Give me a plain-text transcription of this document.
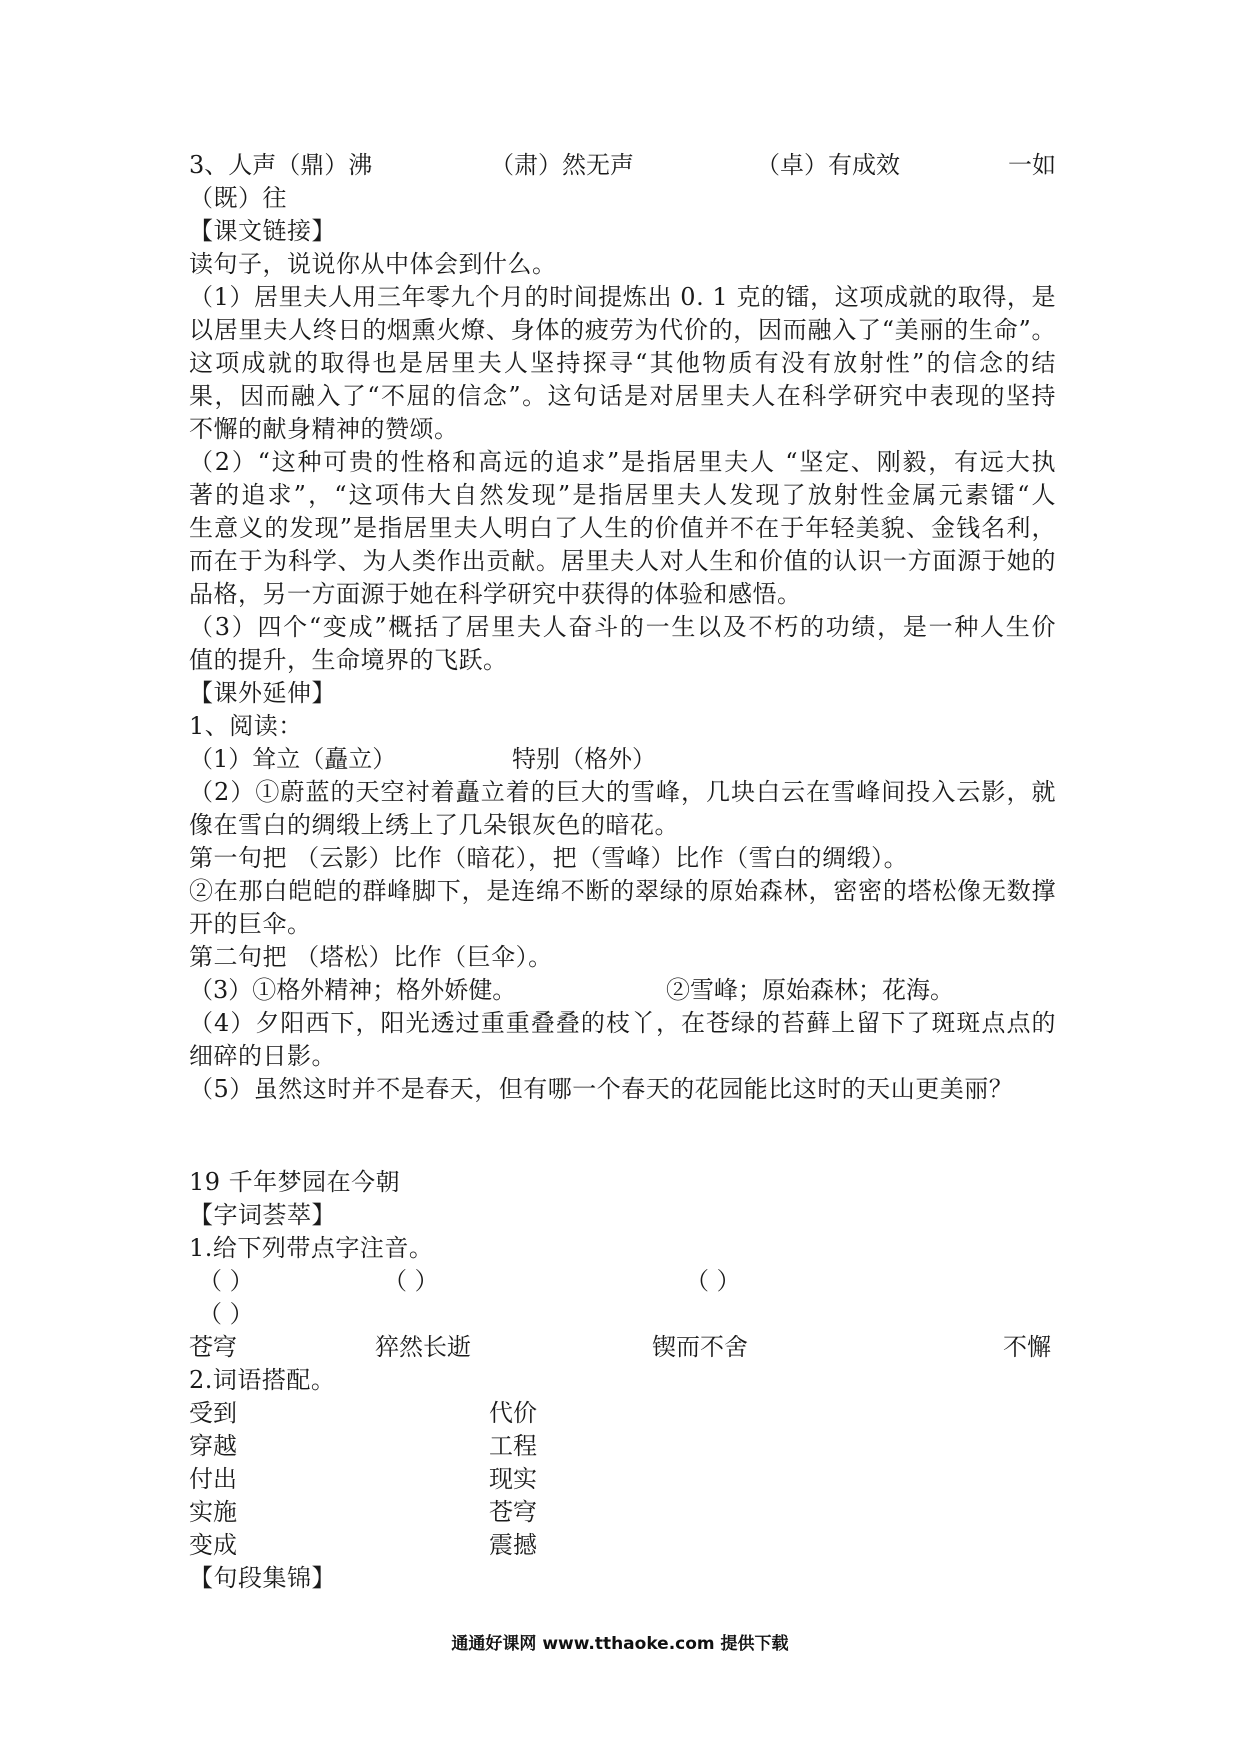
3、人声（鼎）沸	（肃）然无声	（卓）有成效	一如
（既）往
【课文链接】
读句子，说说你从中体会到什么。
（1）居里夫人用三年零九个月的时间提炼出 0. 1 克的镭，这项成就的取得，是
以居里夫人终日的烟熏火燎、身体的疲劳为代价的，因而融入了“美丽的生命”。
这项成就的取得也是居里夫人坚持探寻“其他物质有没有放射性”的信念的结
果，因而融入了“不屈的信念”。这句话是对居里夫人在科学研究中表现的坚持
不懈的献身精神的赞颂。
（2）“这种可贵的性格和高远的追求”是指居里夫人 “坚定、刚毅，有远大执
著的追求”，“这项伟大自然发现”是指居里夫人发现了放射性金属元素镭“人
生意义的发现”是指居里夫人明白了人生的价值并不在于年轻美貌、金钱名利，
而在于为科学、为人类作出贡献。居里夫人对人生和价值的认识一方面源于她的
品格，另一方面源于她在科学研究中获得的体验和感悟。
（3）四个“变成”概括了居里夫人奋斗的一生以及不朽的功绩，是一种人生价
值的提升，生命境界的飞跃。
【课外延伸】
1、阅读：
（1）耸立（矗立）	特别（格外）
（2）①蔚蓝的天空衬着矗立着的巨大的雪峰，几块白云在雪峰间投入云影，就
像在雪白的绸缎上绣上了几朵银灰色的暗花。
第一句把 （云影）比作（暗花），把（雪峰）比作（雪白的绸缎）。
②在那白皑皑的群峰脚下，是连绵不断的翠绿的原始森林，密密的塔松像无数撑
开的巨伞。
第二句把 （塔松）比作（巨伞）。
（3）①格外精神；格外娇健。	②雪峰；原始森林；花海。
（4）夕阳西下，阳光透过重重叠叠的枝丫，在苍绿的苔藓上留下了斑斑点点的
细碎的日影。
（5）虽然这时并不是春天，但有哪一个春天的花园能比这时的天山更美丽？
19 千年梦园在今朝
【字词荟萃】
1.给下列带点字注音。
（ ）	（ ）	（ ）
（ ）
苍穹	猝然长逝	锲而不舍	不懈
2.词语搭配。
受到	代价
穿越	工程
付出	现实
实施	苍穹
变成	震撼
【句段集锦】
通通好课网 www.tthaoke.com 提供下载
